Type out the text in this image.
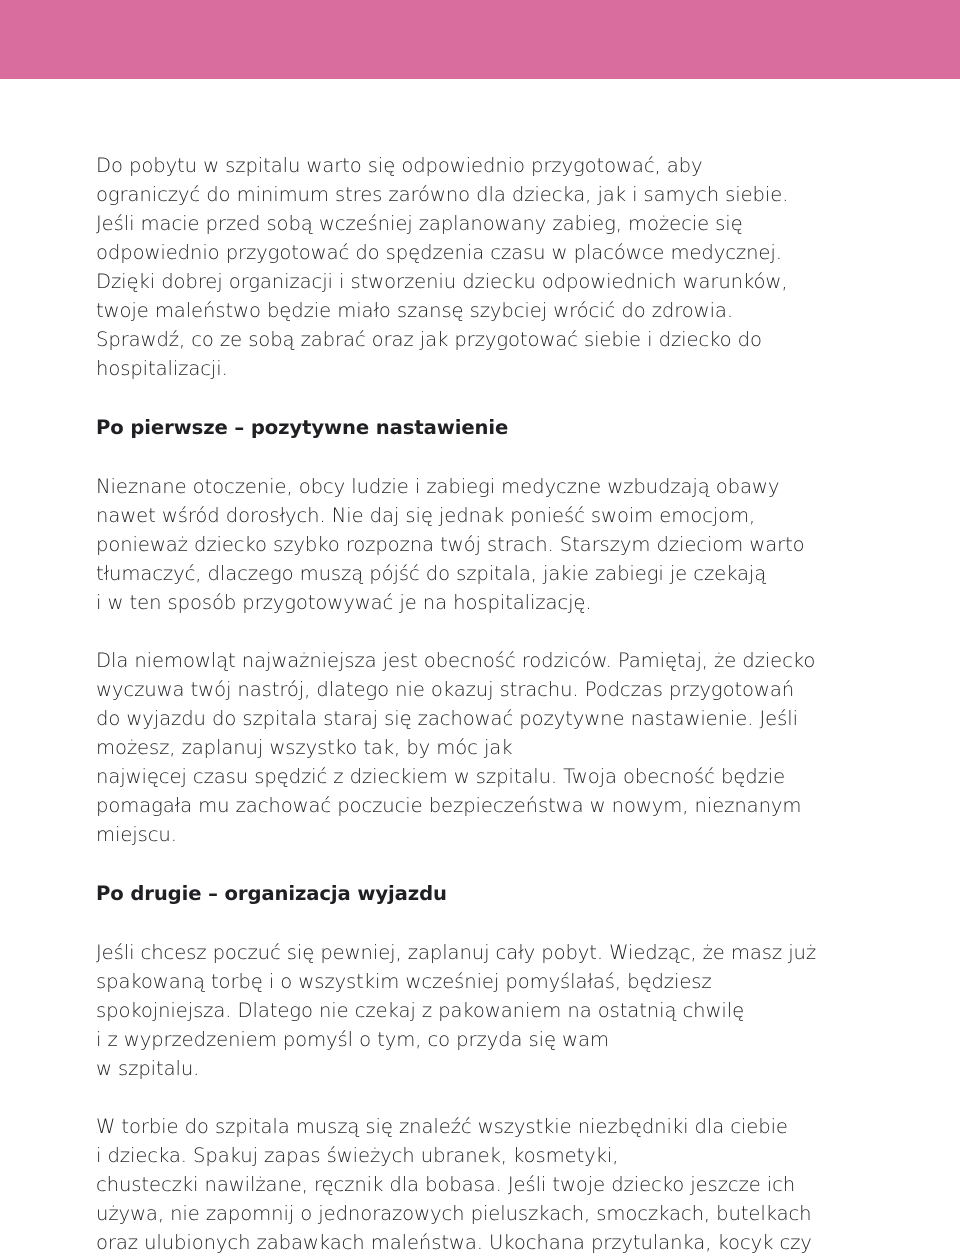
Do pobytu w szpitalu warto się odpowiednio przygotować, aby
ograniczyć do minimum stres zarówno dla dziecka, jak i samych siebie.
Jeśli macie przed sobą wcześniej zaplanowany zabieg, możecie się
odpowiednio przygotować do spędzenia czasu w placówce medycznej.
Dzięki dobrej organizacji i stworzeniu dziecku odpowiednich warunków,
twoje maleństwo będzie miało szansę szybciej wrócić do zdrowia.
Sprawdź, co ze sobą zabrać oraz jak przygotować siebie i dziecko do
hospitalizacji.

Po pierwsze – pozytywne nastawienie

Nieznane otoczenie, obcy ludzie i zabiegi medyczne wzbudzają obawy
nawet wśród dorosłych. Nie daj się jednak ponieść swoim emocjom,
ponieważ dziecko szybko rozpozna twój strach. Starszym dzieciom warto
tłumaczyć, dlaczego muszą pójść do szpitala, jakie zabiegi je czekają
i w ten sposób przygotowywać je na hospitalizację.

Dla niemowląt najważniejsza jest obecność rodziców. Pamiętaj, że dziecko
wyczuwa twój nastrój, dlatego nie okazuj strachu. Podczas przygotowań
do wyjazdu do szpitala staraj się zachować pozytywne nastawienie. Jeśli
możesz, zaplanuj wszystko tak, by móc jak
najwięcej czasu spędzić z dzieckiem w szpitalu. Twoja obecność będzie
pomagała mu zachować poczucie bezpieczeństwa w nowym, nieznanym
miejscu.

Po drugie – organizacja wyjazdu

Jeśli chcesz poczuć się pewniej, zaplanuj cały pobyt. Wiedząc, że masz już
spakowaną torbę i o wszystkim wcześniej pomyślałaś, będziesz
spokojniejsza. Dlatego nie czekaj z pakowaniem na ostatnią chwilę
i z wyprzedzeniem pomyśl o tym, co przyda się wam
w szpitalu.

W torbie do szpitala muszą się znaleźć wszystkie niezbędniki dla ciebie
i dziecka. Spakuj zapas świeżych ubranek, kosmetyki,
chusteczki nawilżane, ręcznik dla bobasa. Jeśli twoje dziecko jeszcze ich
używa, nie zapomnij o jednorazowych pieluszkach, smoczkach, butelkach
oraz ulubionych zabawkach maleństwa. Ukochana przytulanka, kocyk czy
